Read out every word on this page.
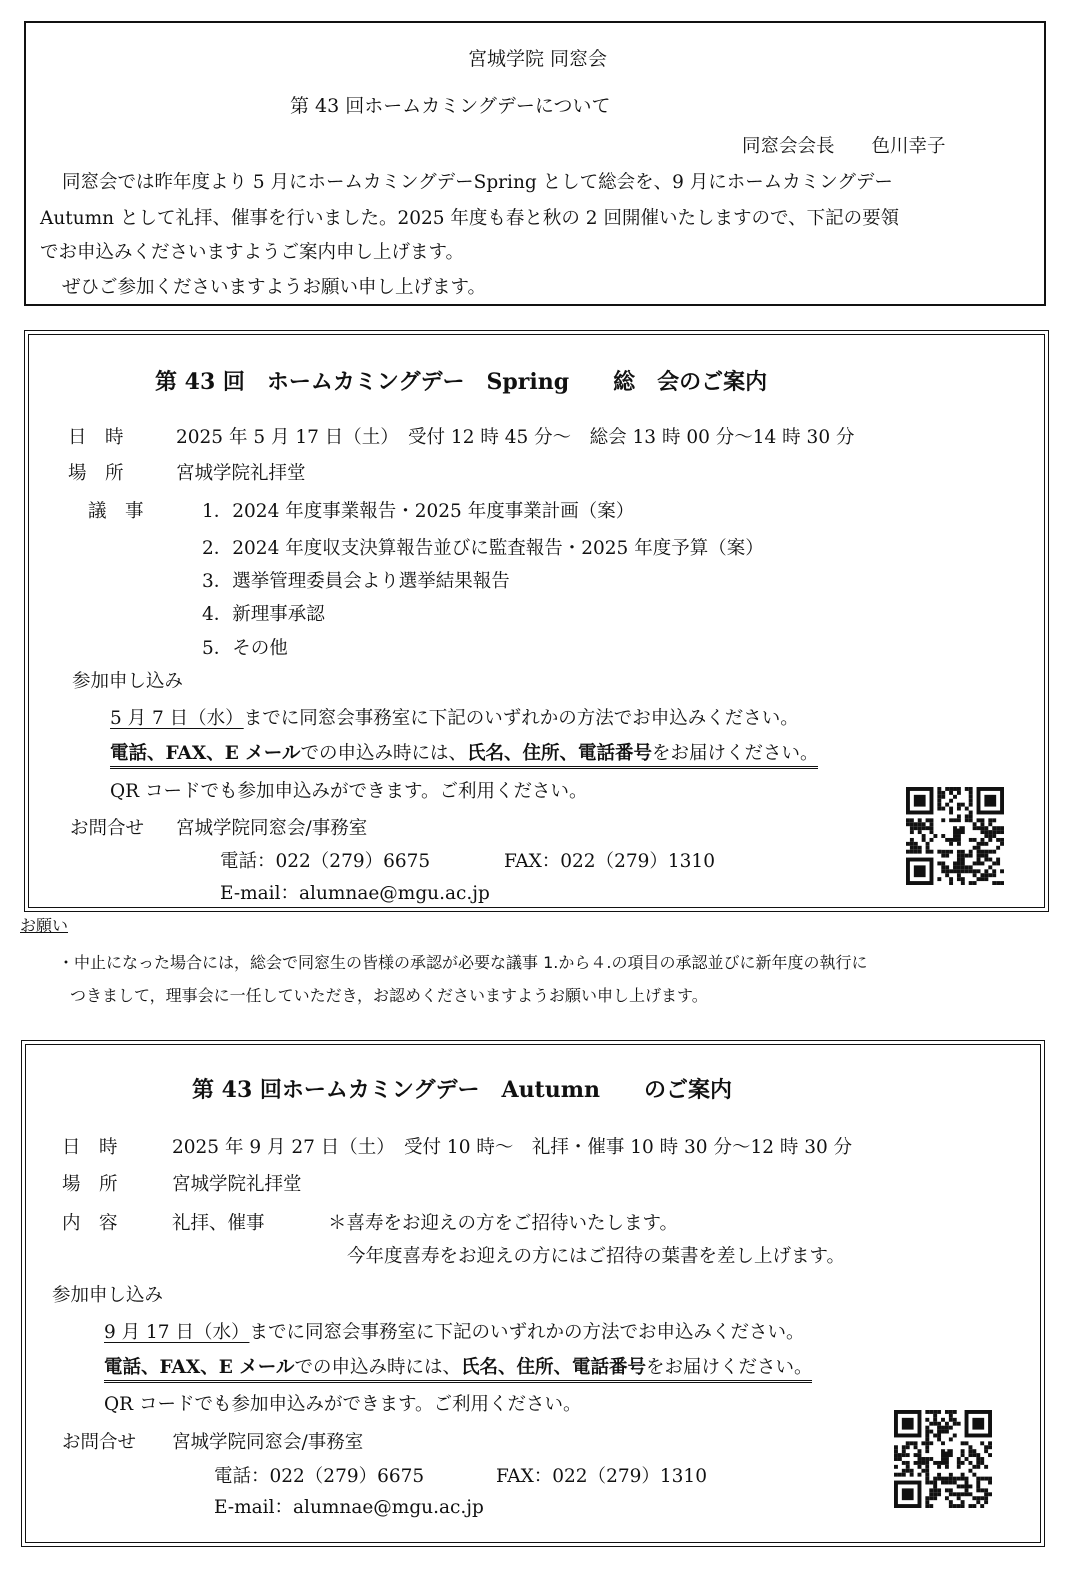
宮城学院 同窓会
第 43 回ホームカミングデーについて
同窓会会長　　色川幸子
同窓会では昨年度より 5 月にホームカミングデーSpring として総会を、9 月にホームカミングデー
Autumn として礼拝、催事を行いました。2025 年度も春と秋の 2 回開催いたしますので、下記の要領
でお申込みくださいますようご案内申し上げます。
ぜひご参加くださいますようお願い申し上げます。
第 43 回　ホームカミングデー　Spring　　総　会のご案内
日　時	2025 年 5 月 17 日（土）　受付 12 時 45 分～　総会 13 時 00 分～14 時 30 分
場　所	宮城学院礼拝堂
議　事	1．2024 年度事業報告・2025 年度事業計画（案）
2．2024 年度収支決算報告並びに監査報告・2025 年度予算（案）
3．選挙管理委員会より選挙結果報告
4．新理事承認
5．その他
参加申し込み
5 月 7 日（水）までに同窓会事務室に下記のいずれかの方法でお申込みください。
電話、FAX、E メールでの申込み時には、氏名、住所、電話番号をお届けください。
QR コードでも参加申込みができます。ご利用ください。
お問合せ 宮城学院同窓会/事務室
電話：022（279）6675	FAX：022（279）1310
E-mail：alumnae@mgu.ac.jp
お願い
・中止になった場合には，総会で同窓生の皆様の承認が必要な議事 1.から４.の項目の承認並びに新年度の執行に
つきまして，理事会に一任していただき，お認めくださいますようお願い申し上げます。
第 43 回ホームカミングデー　Autumn　　のご案内
日　時	2025 年 9 月 27 日（土）　受付 10 時～　礼拝・催事 10 時 30 分～12 時 30 分
場　所	宮城学院礼拝堂
内　容	礼拝、催事	＊喜寿をお迎えの方をご招待いたします。
今年度喜寿をお迎えの方にはご招待の葉書を差し上げます。
参加申し込み
9 月 17 日（水）までに同窓会事務室に下記のいずれかの方法でお申込みください。
電話、FAX、E メールでの申込み時には、氏名、住所、電話番号をお届けください。
QR コードでも参加申込みができます。ご利用ください。
お問合せ 宮城学院同窓会/事務室
電話：022（279）6675	FAX：022（279）1310
E-mail：alumnae@mgu.ac.jp
